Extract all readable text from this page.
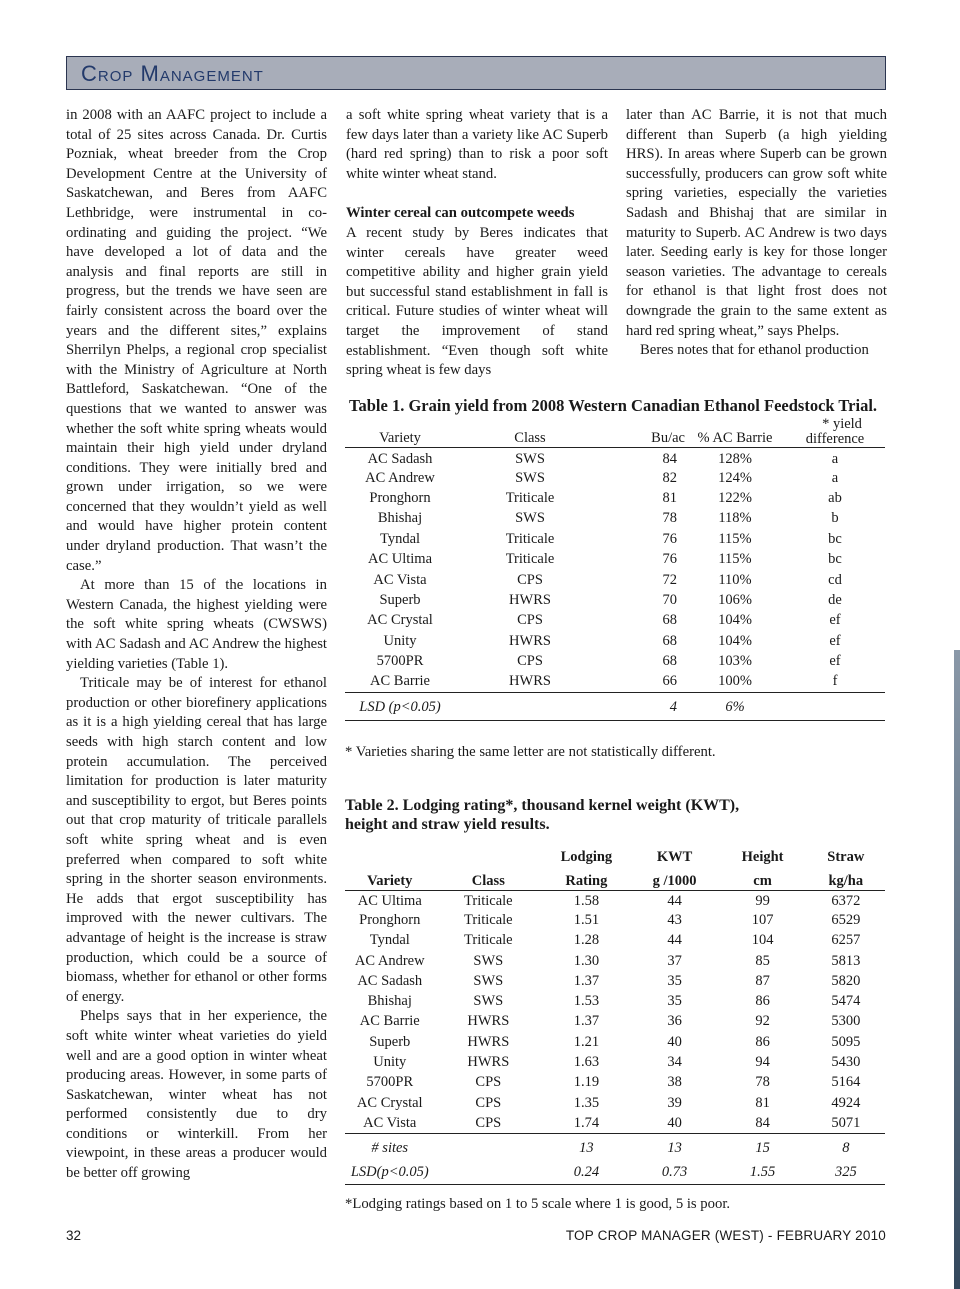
Crop Management

in 2008 with an AAFC project to include a total of 25 sites across Canada. Dr. Curtis Pozniak, wheat breeder from the Crop Development Centre at the University of Saskatchewan, and Beres from AAFC Lethbridge, were instrumental in co-ordinating and guiding the project. “We have developed a lot of data and the analysis and final reports are still in progress, but the trends we have seen are fairly consistent across the board over the years and the different sites,” explains Sherrilyn Phelps, a regional crop specialist with the Ministry of Agriculture at North Battleford, Saskatchewan. “One of the questions that we wanted to answer was whether the soft white spring wheats would maintain their high yield under dryland conditions. They were initially bred and grown under irrigation, so we were concerned that they wouldn’t yield as well and would have higher protein content under dryland production. That wasn’t the case.”

At more than 15 of the locations in Western Canada, the highest yielding were the soft white spring wheats (CWSWS) with AC Sadash and AC Andrew the highest yielding varieties (Table 1).

Triticale may be of interest for ethanol production or other biorefinery applications as it is a high yielding cereal that has large seeds with high starch content and low protein accumulation. The perceived limitation for production is later maturity and susceptibility to ergot, but Beres points out that crop maturity of triticale parallels soft white spring wheat and is even preferred when compared to soft white spring in the shorter season environments. He adds that ergot susceptibility has improved with the newer cultivars. The advantage of height is the increase is straw production, which could be a source of biomass, whether for ethanol or other forms of energy.

Phelps says that in her experience, the soft white winter wheat varieties do yield well and are a good option in winter wheat producing areas. However, in some parts of Saskatchewan, winter wheat has not performed consistently due to dry conditions or winterkill. From her viewpoint, in these areas a producer would be better off growing

a soft white spring wheat variety that is a few days later than a variety like AC Superb (hard red spring) than to risk a poor soft white winter wheat stand.

Winter cereal can outcompete weeds

A recent study by Beres indicates that winter cereals have greater weed competitive ability and higher grain yield but successful stand establishment in fall is critical. Future studies of winter wheat will target the improvement of stand establishment. “Even though soft white spring wheat is few days

later than AC Barrie, it is not that much different than Superb (a high yielding HRS). In areas where Superb can be grown successfully, producers can grow soft white spring varieties, especially the varieties Sadash and Bhishaj that are similar in maturity to Superb. AC Andrew is two days later. Seeding early is key for those longer season varieties. The advantage to cereals for ethanol is that light frost does not downgrade the grain to the same extent as hard red spring wheat,” says Phelps.

Beres notes that for ethanol production

Table 1. Grain yield from 2008 Western Canadian Ethanol Feedstock Trial.
Variety	Class	Bu/ac	% AC Barrie	* yield
difference

AC Sadash	SWS	84	128%	a
AC Andrew	SWS	82	124%	a
Pronghorn	Triticale	81	122%	ab
Bhishaj	SWS	78	118%	b
Tyndal	Triticale	76	115%	bc
AC Ultima	Triticale	76	115%	bc
AC Vista	CPS	72	110%	cd
Superb	HWRS	70	106%	de
AC Crystal	CPS	68	104%	ef
Unity	HWRS	68	104%	ef
5700PR	CPS	68	103%	ef
AC Barrie	HWRS	66	100%	f
LSD (p<0.05)		4	6%	
* Varieties sharing the same letter are not statistically different.
Table 2. Lodging rating*, thousand kernel weight (KWT), height and straw yield results.
		Lodging	KWT	Height	Straw
Variety	Class	Rating	g /1000	cm	kg/ha
AC Ultima	Triticale	1.58	44	99	6372
Pronghorn	Triticale	1.51	43	107	6529
Tyndal	Triticale	1.28	44	104	6257
AC Andrew	SWS	1.30	37	85	5813
AC Sadash	SWS	1.37	35	87	5820
Bhishaj	SWS	1.53	35	86	5474
AC Barrie	HWRS	1.37	36	92	5300
Superb	HWRS	1.21	40	86	5095
Unity	HWRS	1.63	34	94	5430
5700PR	CPS	1.19	38	78	5164
AC Crystal	CPS	1.35	39	81	4924
AC Vista	CPS	1.74	40	84	5071
# sites		13	13	15	8
LSD(p<0.05)		0.24	0.73	1.55	325
*Lodging ratings based on 1 to 5 scale where 1 is good, 5 is poor.
32	TOP CROP MANAGER (WEST) - FEBRUARY 2010
